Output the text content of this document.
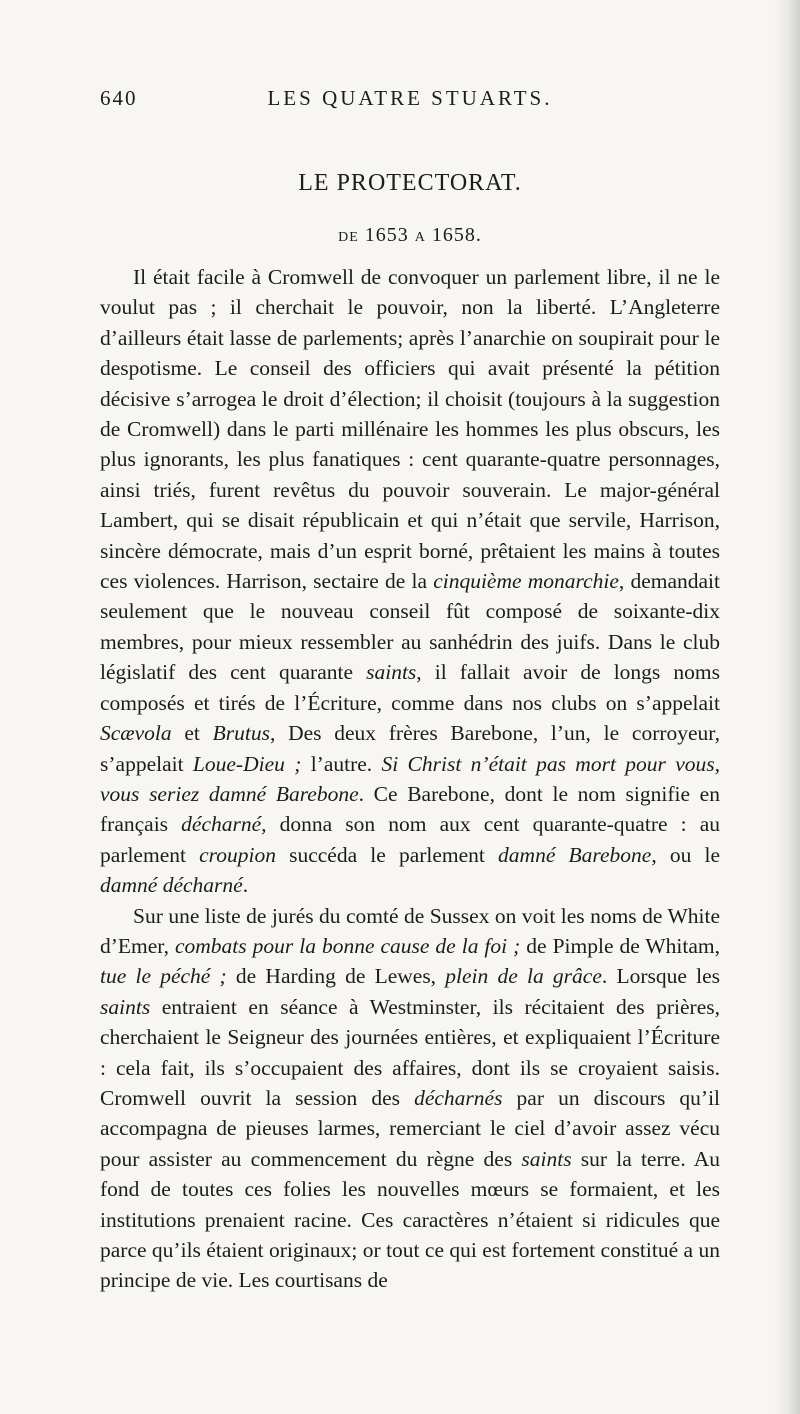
640	LES QUATRE STUARTS.
LE PROTECTORAT.
DE 1653 A 1658.

Il était facile à Cromwell de convoquer un parlement libre, il ne le voulut pas ; il cherchait le pouvoir, non la liberté. L’Angleterre d’ailleurs était lasse de parlements; après l’anarchie on soupirait pour le despotisme. Le conseil des officiers qui avait présenté la pétition décisive s’arrogea le droit d’élection; il choisit (toujours à la suggestion de Cromwell) dans le parti millénaire les hommes les plus obscurs, les plus ignorants, les plus fanatiques : cent quarante-quatre personnages, ainsi triés, furent revêtus du pouvoir souverain. Le major-général Lambert, qui se disait républicain et qui n’était que servile, Harrison, sincère démocrate, mais d’un esprit borné, prêtaient les mains à toutes ces violences. Harrison, sectaire de la cinquième monarchie, demandait seulement que le nouveau conseil fût composé de soixante-dix membres, pour mieux ressembler au sanhédrin des juifs. Dans le club législatif des cent quarante saints, il fallait avoir de longs noms composés et tirés de l’Écriture, comme dans nos clubs on s’appelait Scævola et Brutus, Des deux frères Barebone, l’un, le corroyeur, s’appelait Loue-Dieu ; l’autre. Si Christ n’était pas mort pour vous, vous seriez damné Barebone. Ce Barebone, dont le nom signifie en français décharné, donna son nom aux cent quarante-quatre : au parlement croupion succéda le parlement damné Barebone, ou le damné décharné.

Sur une liste de jurés du comté de Sussex on voit les noms de White d’Emer, combats pour la bonne cause de la foi ; de Pimple de Whitam, tue le péché ; de Harding de Lewes, plein de la grâce. Lorsque les saints entraient en séance à Westminster, ils récitaient des prières, cherchaient le Seigneur des journées entières, et expliquaient l’Écriture : cela fait, ils s’occupaient des affaires, dont ils se croyaient saisis. Cromwell ouvrit la session des décharnés par un discours qu’il accompagna de pieuses larmes, remerciant le ciel d’avoir assez vécu pour assister au commencement du règne des saints sur la terre. Au fond de toutes ces folies les nouvelles mœurs se formaient, et les institutions prenaient racine. Ces caractères n’étaient si ridicules que parce qu’ils étaient originaux; or tout ce qui est fortement constitué a un principe de vie. Les courtisans de
